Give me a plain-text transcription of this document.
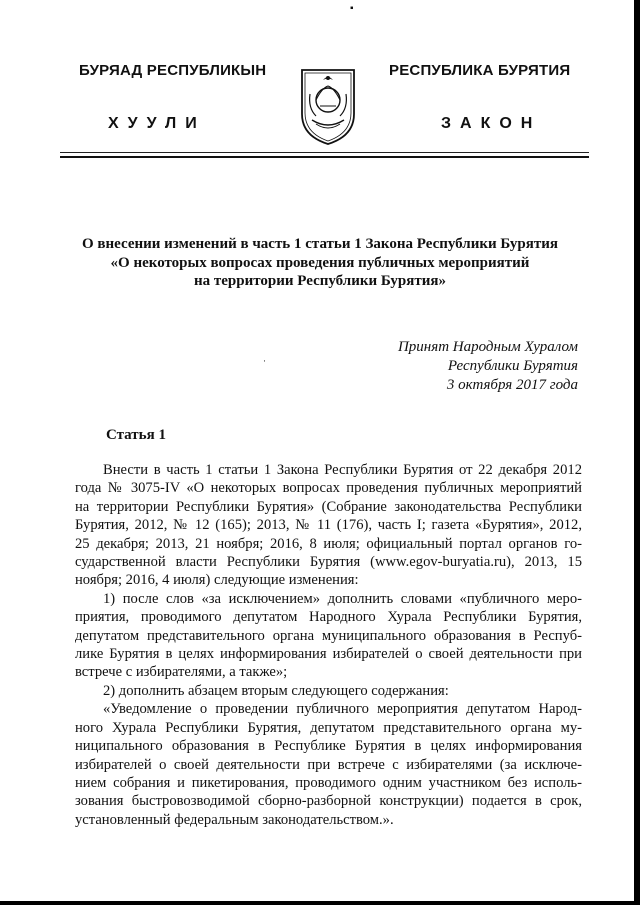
▪
·
БУРЯАД РЕСПУБЛИКЫН
ХУУЛИ
РЕСПУБЛИКА БУРЯТИЯ
ЗАКОН
О внесении изменений в часть 1 статьи 1 Закона Республики Бурятия
«О некоторых вопросах проведения публичных мероприятий
на территории Республики Бурятия»
Принят Народным Хуралом
Республики Бурятия
3 октября 2017 года
Статья 1
Внести в часть 1 статьи 1 Закона Республики Бурятия от 22 декабря 2012
года № 3075-IV «О некоторых вопросах проведения публичных мероприятий
на территории Республики Бурятия» (Собрание законодательства Республики
Бурятия, 2012, № 12 (165); 2013, № 11 (176), часть I; газета «Бурятия», 2012,
25 декабря; 2013, 21 ноября; 2016, 8 июля; официальный портал органов го-
сударственной власти Республики Бурятия (www.egov-buryatia.ru), 2013, 15
ноября; 2016, 4 июля) следующие изменения:
1) после слов «за исключением» дополнить словами «публичного меро-
приятия, проводимого депутатом Народного Хурала Республики Бурятия,
депутатом представительного органа муниципального образования в Респуб-
лике Бурятия в целях информирования избирателей о своей деятельности при
встрече с избирателями, а также»;
2) дополнить абзацем вторым следующего содержания:
«Уведомление о проведении публичного мероприятия депутатом Народ-
ного Хурала Республики Бурятия, депутатом представительного органа му-
ниципального образования в Республике Бурятия в целях информирования
избирателей о своей деятельности при встрече с избирателями (за исключе-
нием собрания и пикетирования, проводимого одним участником без исполь-
зования быстровозводимой сборно-разборной конструкции) подается в срок,
установленный федеральным законодательством.».
